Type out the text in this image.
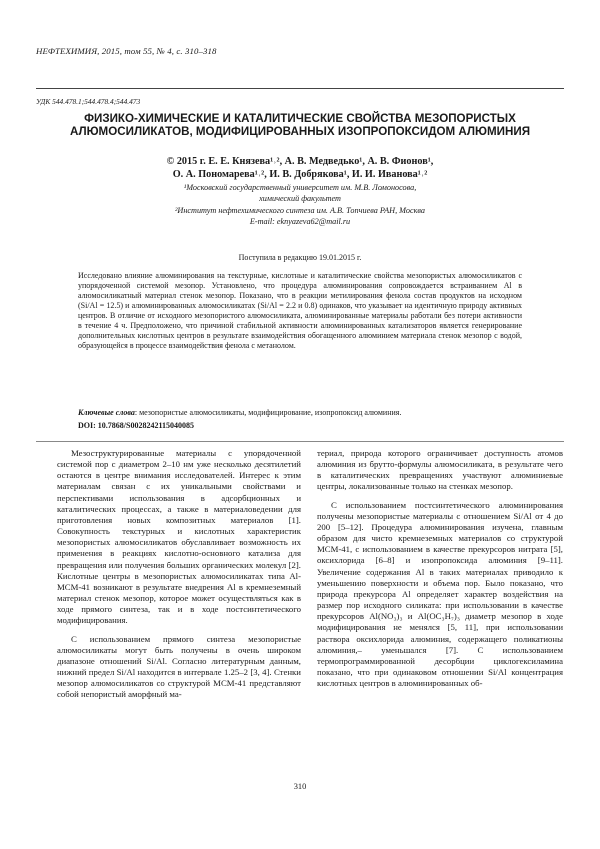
НЕФТЕХИМИЯ, 2015, том 55, № 4, с. 310–318
УДК 544.478.1;544.478.4;544.473
ФИЗИКО-ХИМИЧЕСКИЕ И КАТАЛИТИЧЕСКИЕ СВОЙСТВА МЕЗОПОРИСТЫХ АЛЮМОСИЛИКАТОВ, МОДИФИЦИРОВАННЫХ ИЗОПРОПОКСИДОМ АЛЮМИНИЯ
© 2015 г. Е. Е. Князева¹˒², А. В. Медведько¹, А. В. Фионов¹,
О. А. Пономарева¹˒², И. В. Добрякова¹, И. И. Иванова¹˒²
¹Московский государственный университет им. М.В. Ломоносова,
химический факультет
²Институт нефтехимического синтеза им. А.В. Топчиева РАН, Москва
E-mail: eknyazeva62@mail.ru
Поступила в редакцию 19.01.2015 г.
Исследовано влияние алюминирования на текстурные, кислотные и каталитические свойства мезопористых алюмосиликатов с упорядоченной системой мезопор. Установлено, что процедура алюминирования сопровождается встраиванием Al в алюмосиликатный материал стенок мезопор. Показано, что в реакции метилирования фенола состав продуктов на исходном (Si/Al = 12.5) и алюминированных алюмосиликатах (Si/Al = 2.2 и 0.8) одинаков, что указывает на идентичную природу активных центров. В отличие от исходного мезопористого алюмосиликата, алюминированные материалы работали без потери активности в течение 4 ч. Предположено, что причиной стабильной активности алюминированных катализаторов является генерирование дополнительных кислотных центров в результате взаимодействия обогащенного алюминием материала стенок мезопор с водой, образующейся в процессе взаимодействия фенола с метанолом.
Ключевые слова: мезопористые алюмосиликаты, модифицирование, изопропоксид алюминия.
DOI: 10.7868/S0028242115040085

Мезоструктурированные материалы с упорядоченной системой пор с диаметром 2–10 нм уже несколько десятилетий остаются в центре внимания исследователей. Интерес к этим материалам связан с их уникальными свойствами и перспективами использования в адсорбционных и каталитических процессах, а также в материаловедении для приготовления новых композитных материалов [1]. Совокупность текстурных и кислотных характеристик мезопористых алюмосиликатов обуславливает возможность их применения в реакциях кислотно-основного катализа для превращения или получения больших органических молекул [2]. Кислотные центры в мезопористых алюмосиликатах типа Al-MCM-41 возникают в результате внедрения Al в кремнеземный материал стенок мезопор, которое может осуществляться как в ходе прямого синтеза, так и в ходе постсинтетического модифицирования.

С использованием прямого синтеза мезопористые алюмосиликаты могут быть получены в очень широком диапазоне отношений Si/Al. Согласно литературным данным, нижний предел Si/Al находится в интервале 1.25–2 [3, 4]. Стенки мезопор алюмосиликатов со структурой MCM-41 представляют собой непористый аморфный ма-

териал, природа которого ограничивает доступность атомов алюминия из брутто-формулы алюмосиликата, в результате чего в каталитических превращениях участвуют алюминиевые центры, локализованные только на стенках мезопор.

С использованием постсинтетического алюминирования получены мезопористые материалы с отношением Si/Al от 4 до 200 [5–12]. Процедура алюминирования изучена, главным образом для чисто кремнеземных материалов со структурой MCM-41, с использованием в качестве прекурсоров нитрата [5], оксихлорида [6–8] и изопропоксида алюминия [9–11]. Увеличение содержания Al в таких материалах приводило к уменьшению поверхности и объема пор. Было показано, что природа прекурсора Al определяет характер воздействия на размер пор исходного силиката: при использовании в качестве прекурсоров Al(NO₃)₃ и Al(OC₃H₇)₃ диаметр мезопор в ходе модифицирования не менялся [5, 11], при использовании раствора оксихлорида алюминия, содержащего поликатионы алюминия,– уменьшался [7]. С использованием термопрограммированной десорбции циклогексиламина показано, что при одинаковом отношении Si/Al концентрация кислотных центров в алюминированных об-

310
